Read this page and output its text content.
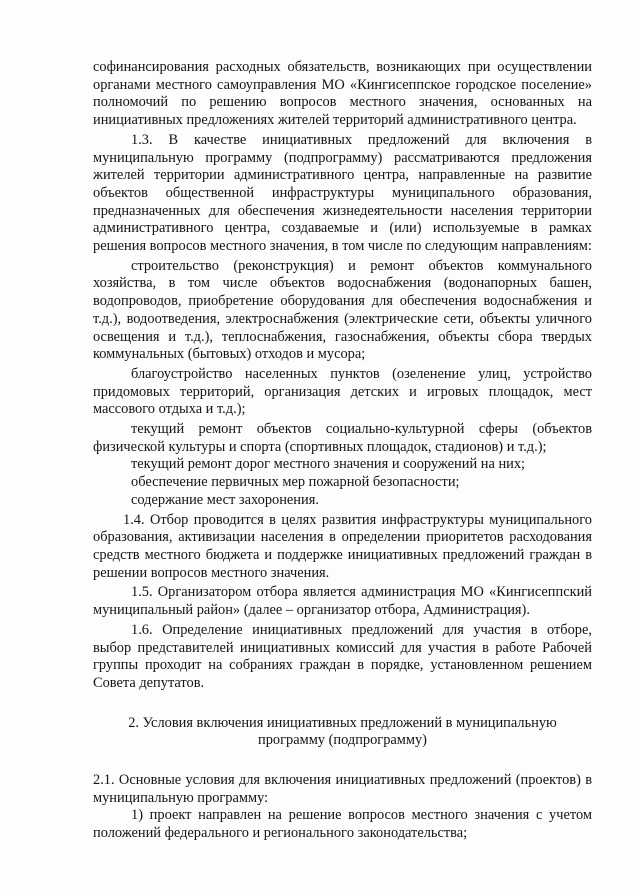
софинансирования расходных обязательств, возникающих при осуществлении органами местного самоуправления МО «Кингисеппское городское поселение» полномочий по решению вопросов местного значения, основанных на инициативных предложениях жителей территорий административного центра.

1.3. В качестве инициативных предложений для включения в муниципальную программу (подпрограмму) рассматриваются предложения жителей территории административного центра, направленные на развитие объектов общественной инфраструктуры муниципального образования, предназначенных для обеспечения жизнедеятельности населения территории административного центра, создаваемые и (или) используемые в рамках решения вопросов местного значения, в том числе по следующим направлениям:

строительство (реконструкция) и ремонт объектов коммунального хозяйства, в том числе объектов водоснабжения (водонапорных башен, водопроводов, приобретение оборудования для обеспечения водоснабжения и т.д.), водоотведения, электроснабжения (электрические сети, объекты уличного освещения и т.д.), теплоснабжения, газоснабжения, объекты сбора твердых коммунальных (бытовых) отходов и мусора;

благоустройство населенных пунктов (озеленение улиц, устройство придомовых территорий, организация детских и игровых площадок, мест массового отдыха и т.д.);

текущий ремонт объектов социально-культурной сферы (объектов физической культуры и спорта (спортивных площадок, стадионов) и т.д.);

текущий ремонт дорог местного значения и сооружений на них;

обеспечение первичных мер пожарной безопасности;

содержание мест захоронения.

1.4. Отбор проводится в целях развития инфраструктуры муниципального образования, активизации населения в определении приоритетов расходования средств местного бюджета и поддержке инициативных предложений граждан в решении вопросов местного значения.

1.5. Организатором отбора является администрация МО «Кингисеппский муниципальный район» (далее – организатор отбора, Администрация).

1.6. Определение инициативных предложений для участия в отборе, выбор представителей инициативных комиссий для участия в работе Рабочей группы проходит на собраниях граждан в порядке, установленном решением Совета депутатов.

2. Условия включения инициативных предложений в муниципальную программу (подпрограмму)

2.1. Основные условия для включения инициативных предложений (проектов) в муниципальную программу:

1) проект направлен на решение вопросов местного значения с учетом положений федерального и региональногo законодательства;
